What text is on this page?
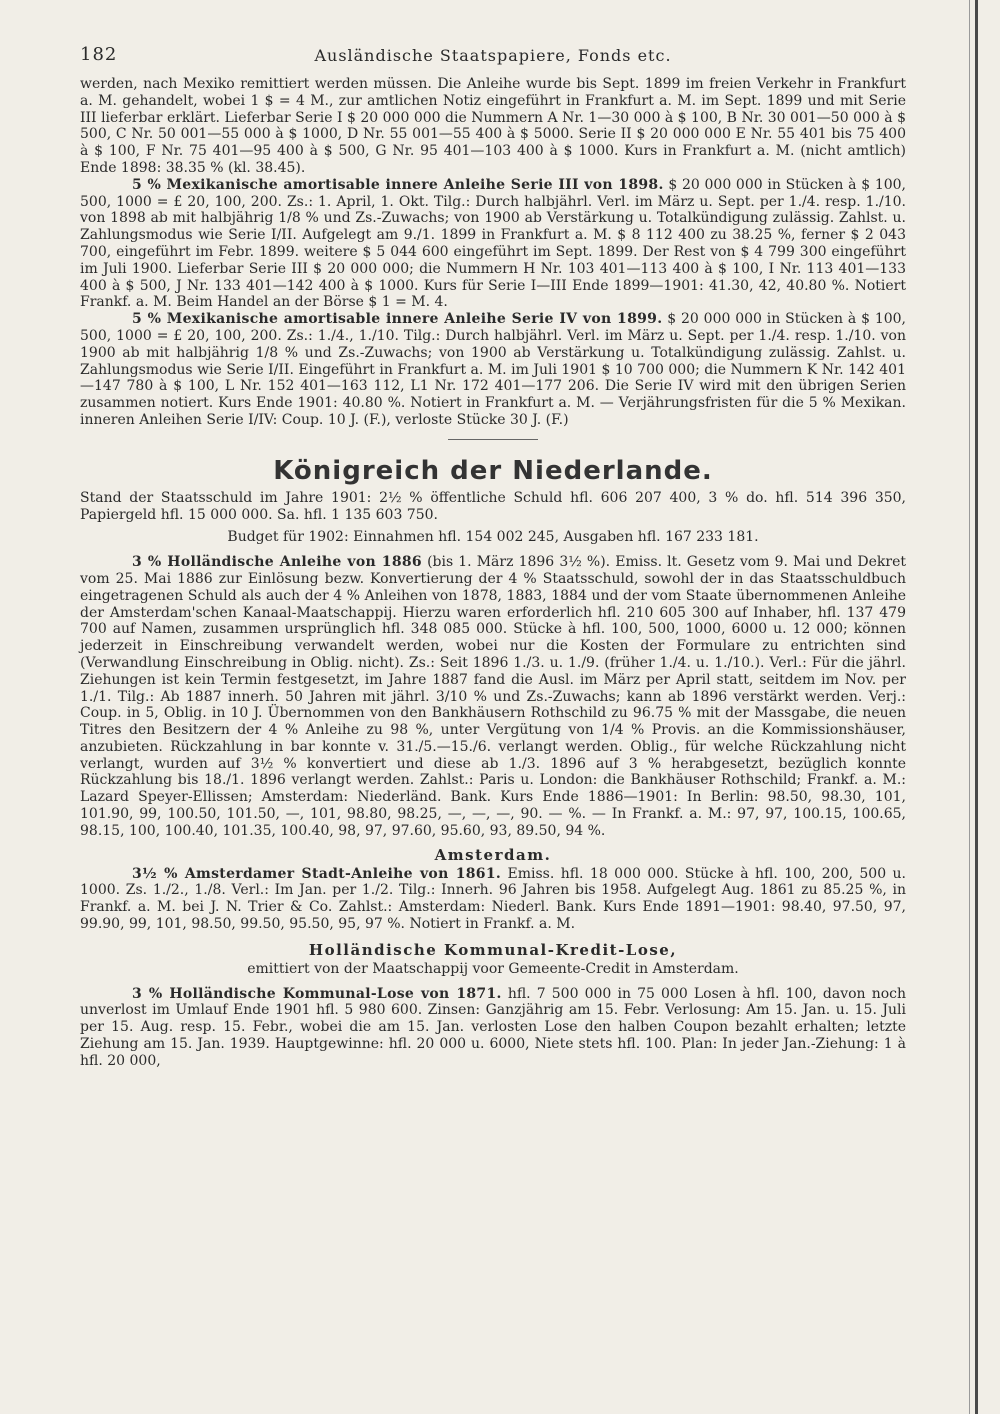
182	Ausländische Staatspapiere, Fonds etc.

werden, nach Mexiko remittiert werden müssen. Die Anleihe wurde bis Sept. 1899 im freien Verkehr in Frankfurt a. M. gehandelt, wobei 1 $ = 4 M., zur amtlichen Notiz eingeführt in Frankfurt a. M. im Sept. 1899 und mit Serie III lieferbar erklärt. Lieferbar Serie I $ 20 000 000 die Nummern A Nr. 1—30 000 à $ 100, B Nr. 30 001—50 000 à $ 500, C Nr. 50 001—55 000 à $ 1000, D Nr. 55 001—55 400 à $ 5000. Serie II $ 20 000 000 E Nr. 55 401 bis 75 400 à $ 100, F Nr. 75 401—95 400 à $ 500, G Nr. 95 401—103 400 à $ 1000. Kurs in Frankfurt a. M. (nicht amtlich) Ende 1898: 38.35 % (kl. 38.45).

5 % Mexikanische amortisable innere Anleihe Serie III von 1898. $ 20 000 000 in Stücken à $ 100, 500, 1000 = £ 20, 100, 200. Zs.: 1. April, 1. Okt. Tilg.: Durch halbjährl. Verl. im März u. Sept. per 1./4. resp. 1./10. von 1898 ab mit halbjährig 1/8 % und Zs.-Zuwachs; von 1900 ab Verstärkung u. Totalkündigung zulässig. Zahlst. u. Zahlungsmodus wie Serie I/II. Aufgelegt am 9./1. 1899 in Frankfurt a. M. $ 8 112 400 zu 38.25 %, ferner $ 2 043 700, eingeführt im Febr. 1899. weitere $ 5 044 600 eingeführt im Sept. 1899. Der Rest von $ 4 799 300 eingeführt im Juli 1900. Lieferbar Serie III $ 20 000 000; die Nummern H Nr. 103 401—113 400 à $ 100, I Nr. 113 401—133 400 à $ 500, J Nr. 133 401—142 400 à $ 1000. Kurs für Serie I—III Ende 1899—1901: 41.30, 42, 40.80 %. Notiert Frankf. a. M. Beim Handel an der Börse $ 1 = M. 4.

5 % Mexikanische amortisable innere Anleihe Serie IV von 1899. $ 20 000 000 in Stücken à $ 100, 500, 1000 = £ 20, 100, 200. Zs.: 1./4., 1./10. Tilg.: Durch halbjährl. Verl. im März u. Sept. per 1./4. resp. 1./10. von 1900 ab mit halbjährig 1/8 % und Zs.-Zuwachs; von 1900 ab Verstärkung u. Totalkündigung zulässig. Zahlst. u. Zahlungsmodus wie Serie I/II. Eingeführt in Frankfurt a. M. im Juli 1901 $ 10 700 000; die Nummern K Nr. 142 401—147 780 à $ 100, L Nr. 152 401—163 112, L1 Nr. 172 401—177 206. Die Serie IV wird mit den übrigen Serien zusammen notiert. Kurs Ende 1901: 40.80 %. Notiert in Frankfurt a. M. — Verjährungsfristen für die 5 % Mexikan. inneren Anleihen Serie I/IV: Coup. 10 J. (F.), verloste Stücke 30 J. (F.)

Königreich der Niederlande.

Stand der Staatsschuld im Jahre 1901: 2½ % öffentliche Schuld hfl. 606 207 400, 3 % do. hfl. 514 396 350, Papiergeld hfl. 15 000 000. Sa. hfl. 1 135 603 750.

Budget für 1902: Einnahmen hfl. 154 002 245, Ausgaben hfl. 167 233 181.

3 % Holländische Anleihe von 1886 (bis 1. März 1896 3½ %). Emiss. lt. Gesetz vom 9. Mai und Dekret vom 25. Mai 1886 zur Einlösung bezw. Konvertierung der 4 % Staatsschuld, sowohl der in das Staatsschuldbuch eingetragenen Schuld als auch der 4 % Anleihen von 1878, 1883, 1884 und der vom Staate übernommenen Anleihe der Amsterdam'schen Kanaal-Maatschappij. Hierzu waren erforderlich hfl. 210 605 300 auf Inhaber, hfl. 137 479 700 auf Namen, zusammen ursprünglich hfl. 348 085 000. Stücke à hfl. 100, 500, 1000, 6000 u. 12 000; können jederzeit in Einschreibung verwandelt werden, wobei nur die Kosten der Formulare zu entrichten sind (Verwandlung Einschreibung in Oblig. nicht). Zs.: Seit 1896 1./3. u. 1./9. (früher 1./4. u. 1./10.). Verl.: Für die jährl. Ziehungen ist kein Termin festgesetzt, im Jahre 1887 fand die Ausl. im März per April statt, seitdem im Nov. per 1./1. Tilg.: Ab 1887 innerh. 50 Jahren mit jährl. 3/10 % und Zs.-Zuwachs; kann ab 1896 verstärkt werden. Verj.: Coup. in 5, Oblig. in 10 J. Übernommen von den Bankhäusern Rothschild zu 96.75 % mit der Massgabe, die neuen Titres den Besitzern der 4 % Anleihe zu 98 %, unter Vergütung von 1/4 % Provis. an die Kommissionshäuser, anzubieten. Rückzahlung in bar konnte v. 31./5.—15./6. verlangt werden. Oblig., für welche Rückzahlung nicht verlangt, wurden auf 3½ % konvertiert und diese ab 1./3. 1896 auf 3 % herabgesetzt, bezüglich konnte Rückzahlung bis 18./1. 1896 verlangt werden. Zahlst.: Paris u. London: die Bankhäuser Rothschild; Frankf. a. M.: Lazard Speyer-Ellissen; Amsterdam: Niederländ. Bank. Kurs Ende 1886—1901: In Berlin: 98.50, 98.30, 101, 101.90, 99, 100.50, 101.50, —, 101, 98.80, 98.25, —, —, —, 90. — %. — In Frankf. a. M.: 97, 97, 100.15, 100.65, 98.15, 100, 100.40, 101.35, 100.40, 98, 97, 97.60, 95.60, 93, 89.50, 94 %.

Amsterdam.

3½ % Amsterdamer Stadt-Anleihe von 1861. Emiss. hfl. 18 000 000. Stücke à hfl. 100, 200, 500 u. 1000. Zs. 1./2., 1./8. Verl.: Im Jan. per 1./2. Tilg.: Innerh. 96 Jahren bis 1958. Aufgelegt Aug. 1861 zu 85.25 %, in Frankf. a. M. bei J. N. Trier & Co. Zahlst.: Amsterdam: Niederl. Bank. Kurs Ende 1891—1901: 98.40, 97.50, 97, 99.90, 99, 101, 98.50, 99.50, 95.50, 95, 97 %. Notiert in Frankf. a. M.

Holländische Kommunal-Kredit-Lose,

emittiert von der Maatschappij voor Gemeente-Credit in Amsterdam.

3 % Holländische Kommunal-Lose von 1871. hfl. 7 500 000 in 75 000 Losen à hfl. 100, davon noch unverlost im Umlauf Ende 1901 hfl. 5 980 600. Zinsen: Ganzjährig am 15. Febr. Verlosung: Am 15. Jan. u. 15. Juli per 15. Aug. resp. 15. Febr., wobei die am 15. Jan. verlosten Lose den halben Coupon bezahlt erhalten; letzte Ziehung am 15. Jan. 1939. Hauptgewinne: hfl. 20 000 u. 6000, Niete stets hfl. 100. Plan: In jeder Jan.-Ziehung: 1 à hfl. 20 000,
